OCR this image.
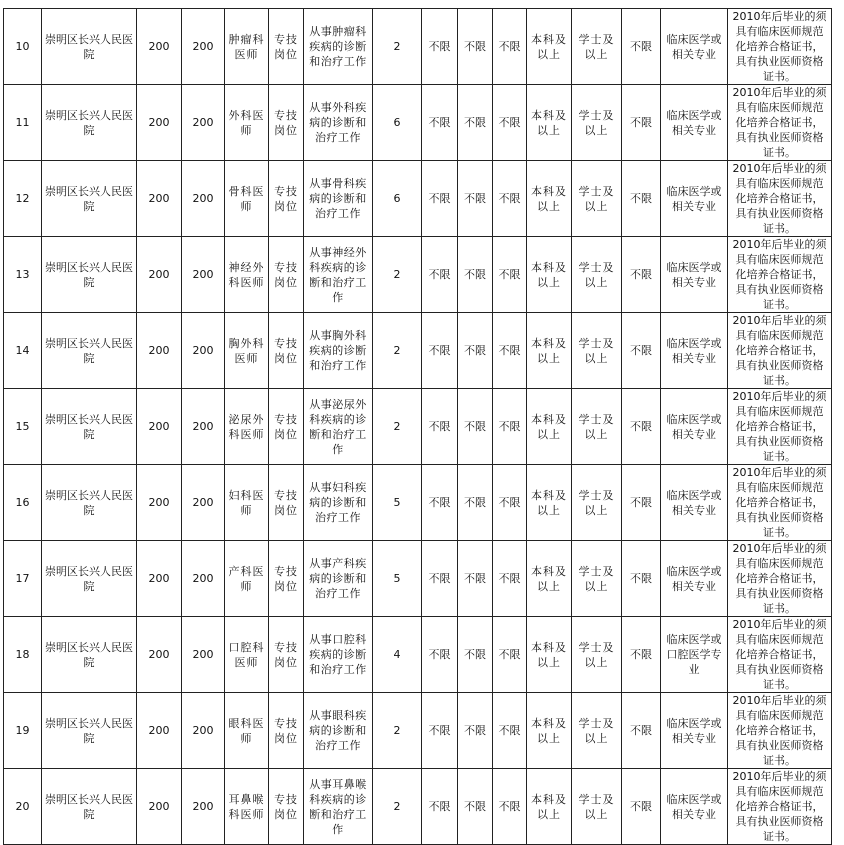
10	崇明区长兴人民医院	200	200	肿瘤科医师	专技岗位	从事肿瘤科疾病的诊断和治疗工作	2	不限	不限	不限	本科及以上	学士及以上	不限	临床医学或相关专业	2010年后毕业的须具有临床医师规范化培养合格证书，具有执业医师资格证书。
11	崇明区长兴人民医院	200	200	外科医师	专技岗位	从事外科疾病的诊断和治疗工作	6	不限	不限	不限	本科及以上	学士及以上	不限	临床医学或相关专业	2010年后毕业的须具有临床医师规范化培养合格证书，具有执业医师资格证书。
12	崇明区长兴人民医院	200	200	骨科医师	专技岗位	从事骨科疾病的诊断和治疗工作	6	不限	不限	不限	本科及以上	学士及以上	不限	临床医学或相关专业	2010年后毕业的须具有临床医师规范化培养合格证书，具有执业医师资格证书。
13	崇明区长兴人民医院	200	200	神经外科医师	专技岗位	从事神经外科疾病的诊断和治疗工作	2	不限	不限	不限	本科及以上	学士及以上	不限	临床医学或相关专业	2010年后毕业的须具有临床医师规范化培养合格证书，具有执业医师资格证书。
14	崇明区长兴人民医院	200	200	胸外科医师	专技岗位	从事胸外科疾病的诊断和治疗工作	2	不限	不限	不限	本科及以上	学士及以上	不限	临床医学或相关专业	2010年后毕业的须具有临床医师规范化培养合格证书，具有执业医师资格证书。
15	崇明区长兴人民医院	200	200	泌尿外科医师	专技岗位	从事泌尿外科疾病的诊断和治疗工作	2	不限	不限	不限	本科及以上	学士及以上	不限	临床医学或相关专业	2010年后毕业的须具有临床医师规范化培养合格证书，具有执业医师资格证书。
16	崇明区长兴人民医院	200	200	妇科医师	专技岗位	从事妇科疾病的诊断和治疗工作	5	不限	不限	不限	本科及以上	学士及以上	不限	临床医学或相关专业	2010年后毕业的须具有临床医师规范化培养合格证书，具有执业医师资格证书。
17	崇明区长兴人民医院	200	200	产科医师	专技岗位	从事产科疾病的诊断和治疗工作	5	不限	不限	不限	本科及以上	学士及以上	不限	临床医学或相关专业	2010年后毕业的须具有临床医师规范化培养合格证书，具有执业医师资格证书。
18	崇明区长兴人民医院	200	200	口腔科医师	专技岗位	从事口腔科疾病的诊断和治疗工作	4	不限	不限	不限	本科及以上	学士及以上	不限	临床医学或口腔医学专业	2010年后毕业的须具有临床医师规范化培养合格证书，具有执业医师资格证书。
19	崇明区长兴人民医院	200	200	眼科医师	专技岗位	从事眼科疾病的诊断和治疗工作	2	不限	不限	不限	本科及以上	学士及以上	不限	临床医学或相关专业	2010年后毕业的须具有临床医师规范化培养合格证书，具有执业医师资格证书。
20	崇明区长兴人民医院	200	200	耳鼻喉科医师	专技岗位	从事耳鼻喉科疾病的诊断和治疗工作	2	不限	不限	不限	本科及以上	学士及以上	不限	临床医学或相关专业	2010年后毕业的须具有临床医师规范化培养合格证书，具有执业医师资格证书。
